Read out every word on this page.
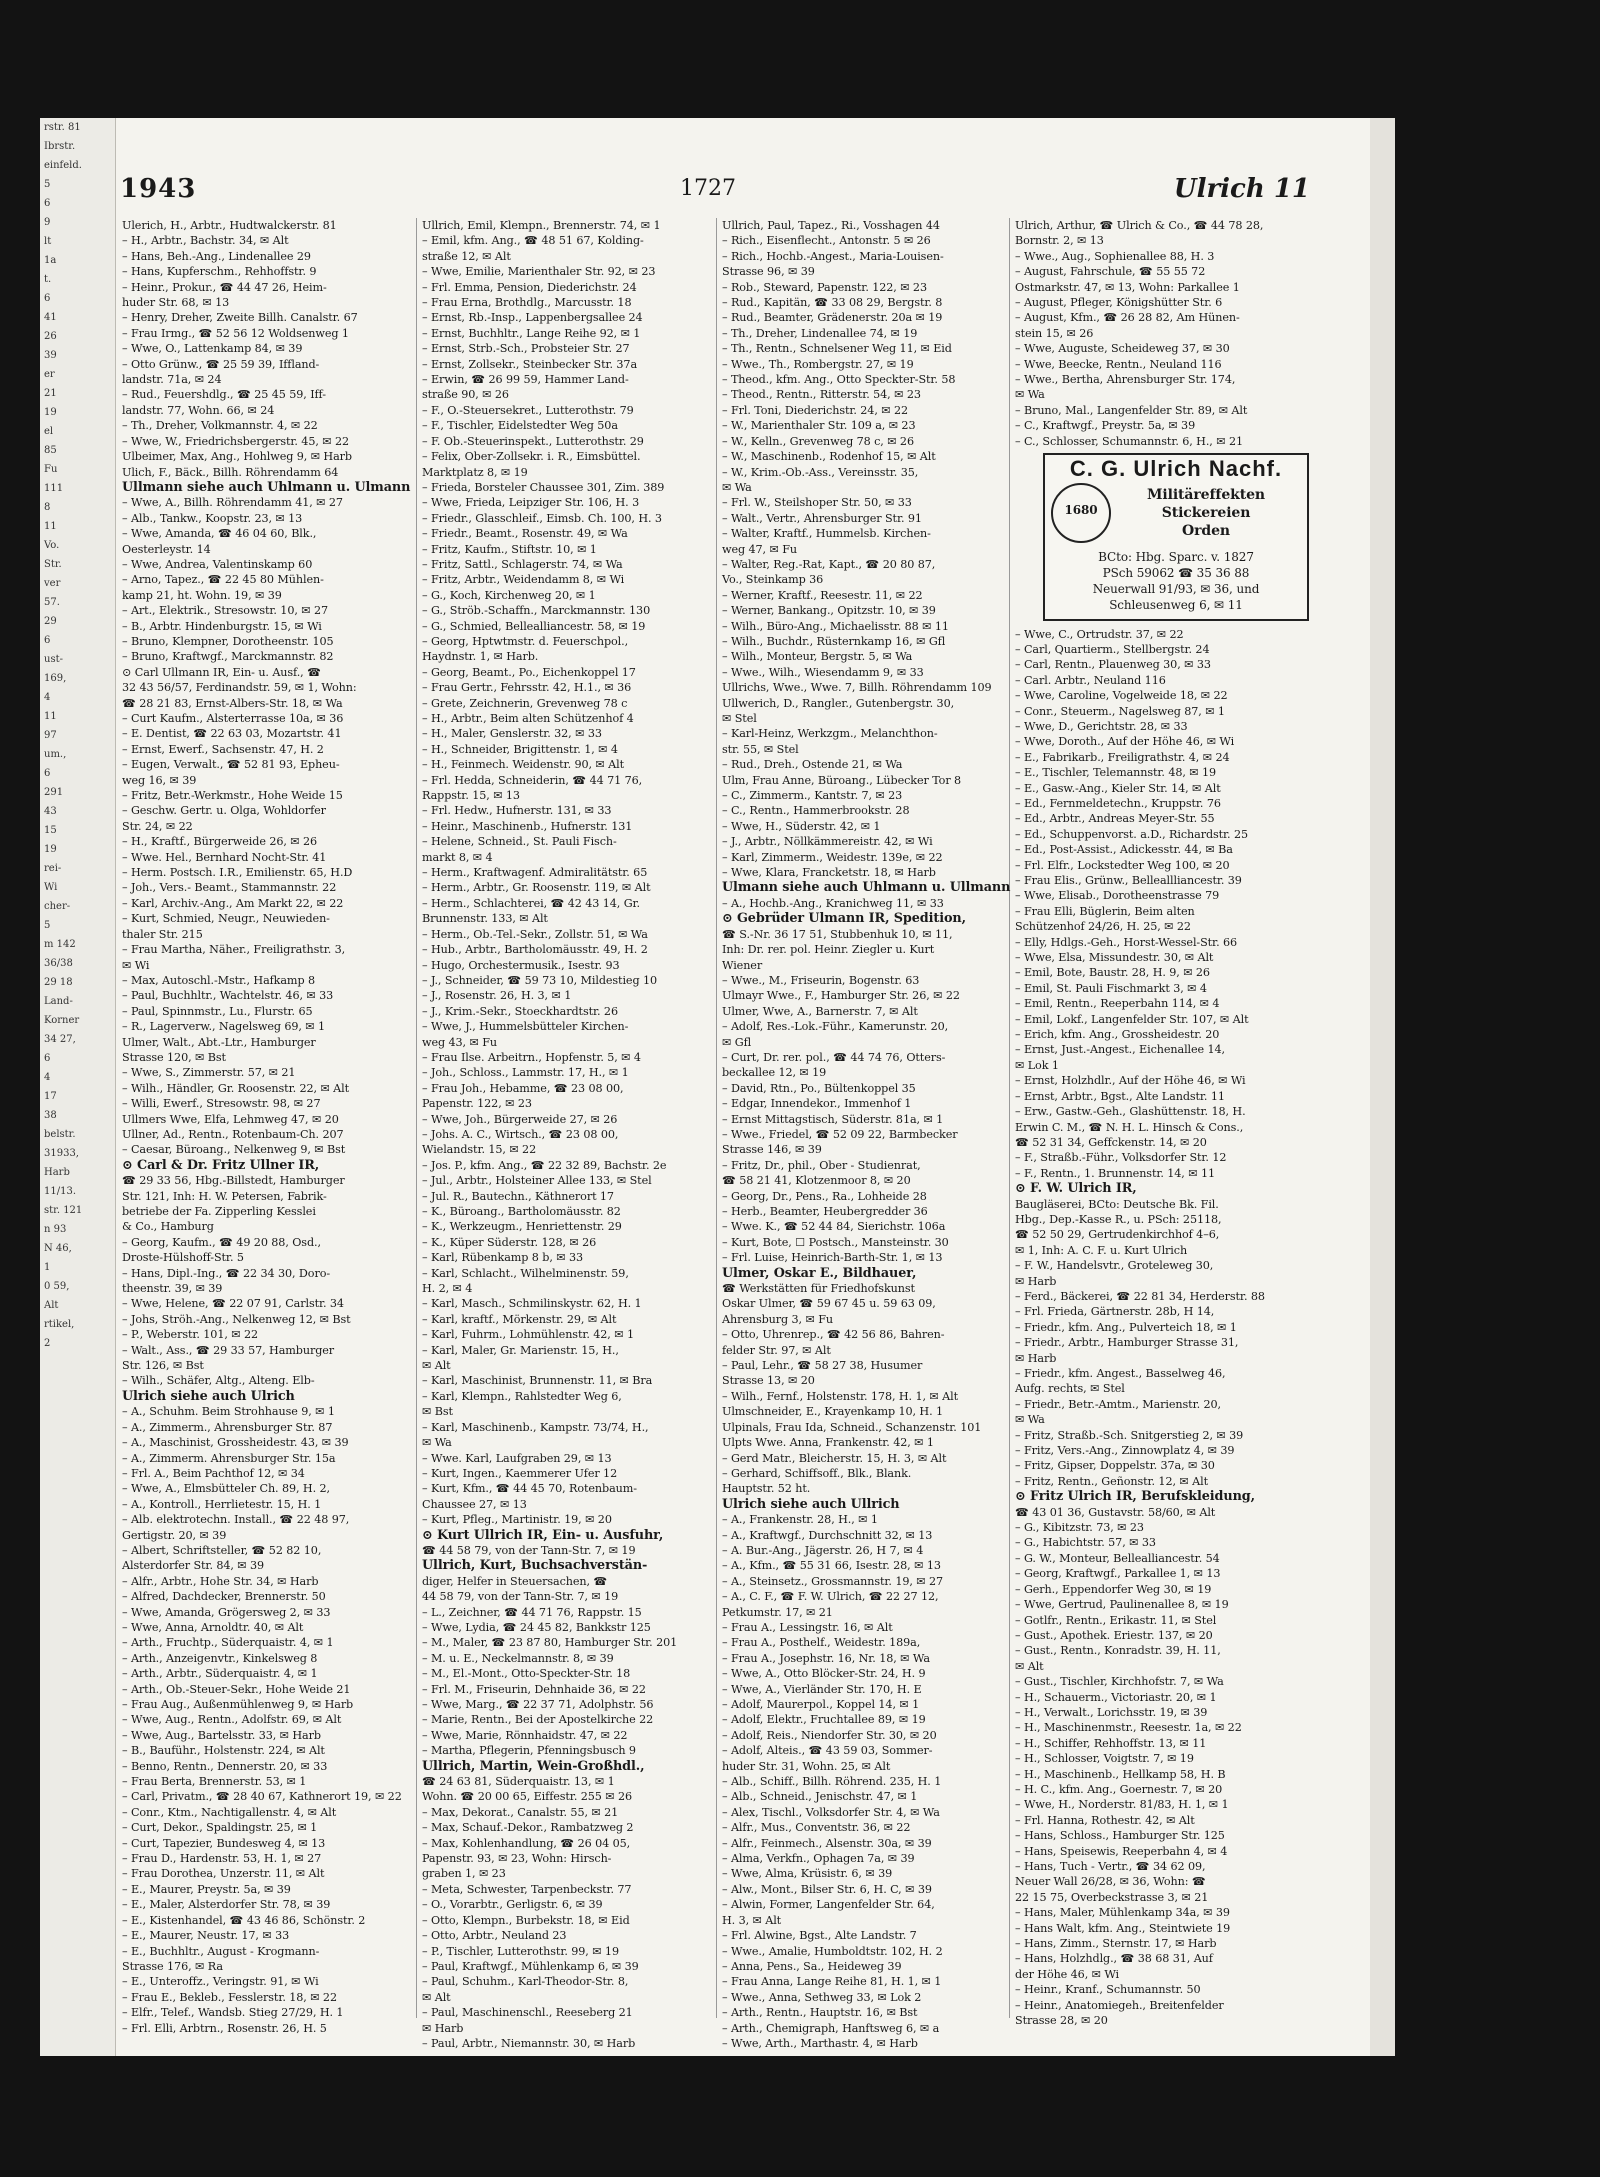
rstr. 81
Ibrstr.
einfeld.
5
6
9
lt
1a
t.
6
41
26
39
er
21
19
el
85
Fu
111
8
11
Vo.
Str.
ver
57.
29
6
ust-
169,
4
11
97
um.,
6
291
43
15
19
rei-
Wi
cher-
5
m 142
36/38
29 18
Land-
Korner
34 27,
6
4
17
38
belstr.
31933,
Harb
11/13.
str. 121
n 93
N 46,
1
0 59,
Alt
rtikel,
2
1943	1727	Ulrich 11
Ulerich, H., Arbtr., Hudtwalckerstr. 81
– H., Arbtr., Bachstr. 34, ✉ Alt
– Hans, Beh.-Ang., Lindenallee 29
– Hans, Kupferschm., Rehhoffstr. 9
– Heinr., Prokur., ☎ 44 47 26, Heim-
huder Str. 68, ✉ 13
– Henry, Dreher, Zweite Billh. Canalstr. 67
– Frau Irmg., ☎ 52 56 12 Woldsenweg 1
– Wwe, O., Lattenkamp 84, ✉ 39
– Otto Grünw., ☎ 25 59 39, Iffland-
landstr. 71a, ✉ 24
– Rud., Feuershdlg., ☎ 25 45 59, Iff-
landstr. 77, Wohn. 66, ✉ 24
– Th., Dreher, Volkmannstr. 4, ✉ 22
– Wwe, W., Friedrichsbergerstr. 45, ✉ 22
Ulbeimer, Max, Ang., Hohlweg 9, ✉ Harb
Ulich, F., Bäck., Billh. Röhrendamm 64
Ullmann siehe auch Uhlmann u. Ulmann
– Wwe, A., Billh. Röhrendamm 41, ✉ 27
– Alb., Tankw., Koopstr. 23, ✉ 13
– Wwe, Amanda, ☎ 46 04 60, Blk.,
Oesterleystr. 14
– Wwe, Andrea, Valentinskamp 60
– Arno, Tapez., ☎ 22 45 80 Mühlen-
kamp 21, ht. Wohn. 19, ✉ 39
– Art., Elektrik., Stresowstr. 10, ✉ 27
– B., Arbtr. Hindenburgstr. 15, ✉ Wi
– Bruno, Klempner, Dorotheenstr. 105
– Bruno, Kraftwgf., Marckmannstr. 82
⊙ Carl Ullmann IR, Ein- u. Ausf., ☎
32 43 56/57, Ferdinandstr. 59, ✉ 1, Wohn:
☎ 28 21 83, Ernst-Albers-Str. 18, ✉ Wa
– Curt Kaufm., Alsterterrasse 10a, ✉ 36
– E. Dentist, ☎ 22 63 03, Mozartstr. 41
– Ernst, Ewerf., Sachsenstr. 47, H. 2
– Eugen, Verwalt., ☎ 52 81 93, Epheu-
weg 16, ✉ 39
– Fritz, Betr.-Werkmstr., Hohe Weide 15
– Geschw. Gertr. u. Olga, Wohldorfer
Str. 24, ✉ 22
– H., Kraftf., Bürgerweide 26, ✉ 26
– Wwe. Hel., Bernhard Nocht-Str. 41
– Herm. Postsch. I.R., Emilienstr. 65, H.D
– Joh., Vers.- Beamt., Stammannstr. 22
– Karl, Archiv.-Ang., Am Markt 22, ✉ 22
– Kurt, Schmied, Neugr., Neuwieden-
thaler Str. 215
– Frau Martha, Näher., Freiligrathstr. 3,
✉ Wi
– Max, Autoschl.-Mstr., Hafkamp 8
– Paul, Buchhltr., Wachtelstr. 46, ✉ 33
– Paul, Spinnmstr., Lu., Flurstr. 65
– R., Lagerverw., Nagelsweg 69, ✉ 1
Ulmer, Walt., Abt.-Ltr., Hamburger
Strasse 120, ✉ Bst
– Wwe, S., Zimmerstr. 57, ✉ 21
– Wilh., Händler, Gr. Roosenstr. 22, ✉ Alt
– Willi, Ewerf., Stresowstr. 98, ✉ 27
Ullmers Wwe, Elfa, Lehmweg 47, ✉ 20
Ullner, Ad., Rentn., Rotenbaum-Ch. 207
– Caesar, Büroang., Nelkenweg 9, ✉ Bst
⊙ Carl & Dr. Fritz Ullner IR,
☎ 29 33 56, Hbg.-Billstedt, Hamburger
Str. 121, Inh: H. W. Petersen, Fabrik-
betriebe der Fa. Zipperling Kesslei
& Co., Hamburg
– Georg, Kaufm., ☎ 49 20 88, Osd.,
Droste-Hülshoff-Str. 5
– Hans, Dipl.-Ing., ☎ 22 34 30, Doro-
theenstr. 39, ✉ 39
– Wwe, Helene, ☎ 22 07 91, Carlstr. 34
– Johs, Ströh.-Ang., Nelkenweg 12, ✉ Bst
– P., Weberstr. 101, ✉ 22
– Walt., Ass., ☎ 29 33 57, Hamburger
Str. 126, ✉ Bst
– Wilh., Schäfer, Altg., Alteng. Elb-
Ulrich siehe auch Ulrich
– A., Schuhm. Beim Strohhause 9, ✉ 1
– A., Zimmerm., Ahrensburger Str. 87
– A., Maschinist, Grossheidestr. 43, ✉ 39
– A., Zimmerm. Ahrensburger Str. 15a
– Frl. A., Beim Pachthof 12, ✉ 34
– Wwe, A., Elmsbütteler Ch. 89, H. 2,
– A., Kontroll., Herrlietestr. 15, H. 1
– Alb. elektrotechn. Install., ☎ 22 48 97,
Gertigstr. 20, ✉ 39
– Albert, Schriftsteller, ☎ 52 82 10,
Alsterdorfer Str. 84, ✉ 39
– Alfr., Arbtr., Hohe Str. 34, ✉ Harb
– Alfred, Dachdecker, Brennerstr. 50
– Wwe, Amanda, Grögersweg 2, ✉ 33
– Wwe, Anna, Arnoldtr. 40, ✉ Alt
– Arth., Fruchtp., Süderquaistr. 4, ✉ 1
– Arth., Anzeigenvtr., Kinkelsweg 8
– Arth., Arbtr., Süderquaistr. 4, ✉ 1
– Arth., Ob.-Steuer-Sekr., Hohe Weide 21
– Frau Aug., Außenmühlenweg 9, ✉ Harb
– Wwe, Aug., Rentn., Adolfstr. 69, ✉ Alt
– Wwe, Aug., Bartelsstr. 33, ✉ Harb
– B., Bauführ., Holstenstr. 224, ✉ Alt
– Benno, Rentn., Dennerstr. 20, ✉ 33
– Frau Berta, Brennerstr. 53, ✉ 1
– Carl, Privatm., ☎ 28 40 67, Kathnerort 19, ✉ 22
– Conr., Ktm., Nachtigallenstr. 4, ✉ Alt
– Curt, Dekor., Spaldingstr. 25, ✉ 1
– Curt, Tapezier, Bundesweg 4, ✉ 13
– Frau D., Hardenstr. 53, H. 1, ✉ 27
– Frau Dorothea, Unzerstr. 11, ✉ Alt
– E., Maurer, Preystr. 5a, ✉ 39
– E., Maler, Alsterdorfer Str. 78, ✉ 39
– E., Kistenhandel, ☎ 43 46 86, Schönstr. 2
– E., Maurer, Neustr. 17, ✉ 33
– E., Buchhltr., August - Krogmann-
Strasse 176, ✉ Ra
– E., Unteroffz., Veringstr. 91, ✉ Wi
– Frau E., Bekleb., Fesslerstr. 18, ✉ 22
– Elfr., Telef., Wandsb. Stieg 27/29, H. 1
– Frl. Elli, Arbtrn., Rosenstr. 26, H. 5
Ullrich, Emil, Klempn., Brennerstr. 74, ✉ 1
– Emil, kfm. Ang., ☎ 48 51 67, Kolding-
straße 12, ✉ Alt
– Wwe, Emilie, Marienthaler Str. 92, ✉ 23
– Frl. Emma, Pension, Diederichstr. 24
– Frau Erna, Brothdlg., Marcusstr. 18
– Ernst, Rb.-Insp., Lappenbergsallee 24
– Ernst, Buchhltr., Lange Reihe 92, ✉ 1
– Ernst, Strb.-Sch., Probsteier Str. 27
– Ernst, Zollsekr., Steinbecker Str. 37a
– Erwin, ☎ 26 99 59, Hammer Land-
straße 90, ✉ 26
– F., O.-Steuersekret., Lutterothstr. 79
– F., Tischler, Eidelstedter Weg 50a
– F. Ob.-Steuerinspekt., Lutterothstr. 29
– Felix, Ober-Zollsekr. i. R., Eimsbüttel.
Marktplatz 8, ✉ 19
– Frieda, Borsteler Chaussee 301, Zim. 389
– Wwe, Frieda, Leipziger Str. 106, H. 3
– Friedr., Glasschleif., Eimsb. Ch. 100, H. 3
– Friedr., Beamt., Rosenstr. 49, ✉ Wa
– Fritz, Kaufm., Stiftstr. 10, ✉ 1
– Fritz, Sattl., Schlagerstr. 74, ✉ Wa
– Fritz, Arbtr., Weidendamm 8, ✉ Wi
– G., Koch, Kirchenweg 20, ✉ 1
– G., Ströb.-Schaffn., Marckmannstr. 130
– G., Schmied, Bellealliancestr. 58, ✉ 19
– Georg, Hptwtmstr. d. Feuerschpol.,
Haydnstr. 1, ✉ Harb.
– Georg, Beamt., Po., Eichenkoppel 17
– Frau Gertr., Fehrsstr. 42, H.1., ✉ 36
– Grete, Zeichnerin, Grevenweg 78 c
– H., Arbtr., Beim alten Schützenhof 4
– H., Maler, Genslerstr. 32, ✉ 33
– H., Schneider, Brigittenstr. 1, ✉ 4
– H., Feinmech. Weidenstr. 90, ✉ Alt
– Frl. Hedda, Schneiderin, ☎ 44 71 76,
Rappstr. 15, ✉ 13
– Frl. Hedw., Hufnerstr. 131, ✉ 33
– Heinr., Maschinenb., Hufnerstr. 131
– Helene, Schneid., St. Pauli Fisch-
markt 8, ✉ 4
– Herm., Kraftwagenf. Admiralitätstr. 65
– Herm., Arbtr., Gr. Roosenstr. 119, ✉ Alt
– Herm., Schlachterei, ☎ 42 43 14, Gr.
Brunnenstr. 133, ✉ Alt
– Herm., Ob.-Tel.-Sekr., Zollstr. 51, ✉ Wa
– Hub., Arbtr., Bartholomäusstr. 49, H. 2
– Hugo, Orchestermusik., Isestr. 93
– J., Schneider, ☎ 59 73 10, Mildestieg 10
– J., Rosenstr. 26, H. 3, ✉ 1
– J., Krim.-Sekr., Stoeckhardtstr. 26
– Wwe, J., Hummelsbütteler Kirchen-
weg 43, ✉ Fu
– Frau Ilse. Arbeitrn., Hopfenstr. 5, ✉ 4
– Joh., Schloss., Lammstr. 17, H., ✉ 1
– Frau Joh., Hebamme, ☎ 23 08 00,
Papenstr. 122, ✉ 23
– Wwe, Joh., Bürgerweide 27, ✉ 26
– Johs. A. C., Wirtsch., ☎ 23 08 00,
Wielandstr. 15, ✉ 22
– Jos. P., kfm. Ang., ☎ 22 32 89, Bachstr. 2e
– Jul., Arbtr., Holsteiner Allee 133, ✉ Stel
– Jul. R., Bautechn., Käthnerort 17
– K., Büroang., Bartholomäusstr. 82
– K., Werkzeugm., Henriettenstr. 29
– K., Küper Süderstr. 128, ✉ 26
– Karl, Rübenkamp 8 b, ✉ 33
– Karl, Schlacht., Wilhelminenstr. 59,
H. 2, ✉ 4
– Karl, Masch., Schmilinskystr. 62, H. 1
– Karl, kraftf., Mörkenstr. 29, ✉ Alt
– Karl, Fuhrm., Lohmühlenstr. 42, ✉ 1
– Karl, Maler, Gr. Marienstr. 15, H.,
✉ Alt
– Karl, Maschinist, Brunnenstr. 11, ✉ Bra
– Karl, Klempn., Rahlstedter Weg 6,
✉ Bst
– Karl, Maschinenb., Kampstr. 73/74, H.,
✉ Wa
– Wwe. Karl, Laufgraben 29, ✉ 13
– Kurt, Ingen., Kaemmerer Ufer 12
– Kurt, Kfm., ☎ 44 45 70, Rotenbaum-
Chaussee 27, ✉ 13
– Kurt, Pfleg., Martinistr. 19, ✉ 20
⊙ Kurt Ullrich IR, Ein- u. Ausfuhr,
☎ 44 58 79, von der Tann-Str. 7, ✉ 19
Ullrich, Kurt, Buchsachverstän-
diger, Helfer in Steuersachen, ☎
44 58 79, von der Tann-Str. 7, ✉ 19
– L., Zeichner, ☎ 44 71 76, Rappstr. 15
– Wwe, Lydia, ☎ 24 45 82, Bankkstr 125
– M., Maler, ☎ 23 87 80, Hamburger Str. 201
– M. u. E., Neckelmannstr. 8, ✉ 39
– M., El.-Mont., Otto-Speckter-Str. 18
– Frl. M., Friseurin, Dehnhaide 36, ✉ 22
– Wwe, Marg., ☎ 22 37 71, Adolphstr. 56
– Marie, Rentn., Bei der Apostelkirche 22
– Wwe, Marie, Rönnhaidstr. 47, ✉ 22
– Martha, Pflegerin, Pfenningsbusch 9
Ullrich, Martin, Wein-Großhdl.,
☎ 24 63 81, Süderquaistr. 13, ✉ 1
Wohn. ☎ 20 00 65, Eiffestr. 255 ✉ 26
– Max, Dekorat., Canalstr. 55, ✉ 21
– Max, Schauf.-Dekor., Rambatzweg 2
– Max, Kohlenhandlung, ☎ 26 04 05,
Papenstr. 93, ✉ 23, Wohn: Hirsch-
graben 1, ✉ 23
– Meta, Schwester, Tarpenbeckstr. 77
– O., Vorarbtr., Gerligstr. 6, ✉ 39
– Otto, Klempn., Burbekstr. 18, ✉ Eid
– Otto, Arbtr., Neuland 23
– P., Tischler, Lutterothstr. 99, ✉ 19
– Paul, Kraftwgf., Mühlenkamp 6, ✉ 39
– Paul, Schuhm., Karl-Theodor-Str. 8,
✉ Alt
– Paul, Maschinenschl., Reeseberg 21
✉ Harb
– Paul, Arbtr., Niemannstr. 30, ✉ Harb
Ullrich, Paul, Tapez., Ri., Vosshagen 44
– Rich., Eisenflecht., Antonstr. 5 ✉ 26
– Rich., Hochb.-Angest., Maria-Louisen-
Strasse 96, ✉ 39
– Rob., Steward, Papenstr. 122, ✉ 23
– Rud., Kapitän, ☎ 33 08 29, Bergstr. 8
– Rud., Beamter, Grädenerstr. 20a ✉ 19
– Th., Dreher, Lindenallee 74, ✉ 19
– Th., Rentn., Schnelsener Weg 11, ✉ Eid
– Wwe., Th., Rombergstr. 27, ✉ 19
– Theod., kfm. Ang., Otto Speckter-Str. 58
– Theod., Rentn., Ritterstr. 54, ✉ 23
– Frl. Toni, Diederichstr. 24, ✉ 22
– W., Marienthaler Str. 109 a, ✉ 23
– W., Kelln., Grevenweg 78 c, ✉ 26
– W., Maschinenb., Rodenhof 15, ✉ Alt
– W., Krim.-Ob.-Ass., Vereinsstr. 35,
✉ Wa
– Frl. W., Steilshoper Str. 50, ✉ 33
– Walt., Vertr., Ahrensburger Str. 91
– Walter, Kraftf., Hummelsb. Kirchen-
weg 47, ✉ Fu
– Walter, Reg.-Rat, Kapt., ☎ 20 80 87,
Vo., Steinkamp 36
– Werner, Kraftf., Reesestr. 11, ✉ 22
– Werner, Bankang., Opitzstr. 10, ✉ 39
– Wilh., Büro-Ang., Michaelisstr. 88 ✉ 11
– Wilh., Buchdr., Rüsternkamp 16, ✉ Gfl
– Wilh., Monteur, Bergstr. 5, ✉ Wa
– Wwe., Wilh., Wiesendamm 9, ✉ 33
Ullrichs, Wwe., Wwe. 7, Billh. Röhrendamm 109
Ullwerich, D., Rangler., Gutenbergstr. 30,
✉ Stel
– Karl-Heinz, Werkzgm., Melanchthon-
str. 55, ✉ Stel
– Rud., Dreh., Ostende 21, ✉ Wa
Ulm, Frau Anne, Büroang., Lübecker Tor 8
– C., Zimmerm., Kantstr. 7, ✉ 23
– C., Rentn., Hammerbrookstr. 28
– Wwe, H., Süderstr. 42, ✉ 1
– J., Arbtr., Nöllkämmereistr. 42, ✉ Wi
– Karl, Zimmerm., Weidestr. 139e, ✉ 22
– Wwe, Klara, Francketstr. 18, ✉ Harb
Ulmann siehe auch Uhlmann u. Ullmann
– A., Hochb.-Ang., Kranichweg 11, ✉ 33
⊙ Gebrüder Ulmann IR, Spedition,
☎ S.-Nr. 36 17 51, Stubbenhuk 10, ✉ 11,
Inh: Dr. rer. pol. Heinr. Ziegler u. Kurt
Wiener
– Wwe., M., Friseurin, Bogenstr. 63
Ulmayr Wwe., F., Hamburger Str. 26, ✉ 22
Ulmer, Wwe, A., Barnerstr. 7, ✉ Alt
– Adolf, Res.-Lok.-Führ., Kamerunstr. 20,
✉ Gfl
– Curt, Dr. rer. pol., ☎ 44 74 76, Otters-
beckallee 12, ✉ 19
– David, Rtn., Po., Bültenkoppel 35
– Edgar, Innendekor., Immenhof 1
– Ernst Mittagstisch, Süderstr. 81a, ✉ 1
– Wwe., Friedel, ☎ 52 09 22, Barmbecker
Strasse 146, ✉ 39
– Fritz, Dr., phil., Ober - Studienrat,
☎ 58 21 41, Klotzenmoor 8, ✉ 20
– Georg, Dr., Pens., Ra., Lohheide 28
– Herb., Beamter, Heubergredder 36
– Wwe. K., ☎ 52 44 84, Sierichstr. 106a
– Kurt, Bote, ☐ Postsch., Mansteinstr. 30
– Frl. Luise, Heinrich-Barth-Str. 1, ✉ 13
Ulmer, Oskar E., Bildhauer,
☎ Werkstätten für Friedhofskunst
Oskar Ulmer, ☎ 59 67 45 u. 59 63 09,
Ahrensburg 3, ✉ Fu
– Otto, Uhrenrep., ☎ 42 56 86, Bahren-
felder Str. 97, ✉ Alt
– Paul, Lehr., ☎ 58 27 38, Husumer
Strasse 13, ✉ 20
– Wilh., Fernf., Holstenstr. 178, H. 1, ✉ Alt
Ulmschneider, E., Krayenkamp 10, H. 1
Ulpinals, Frau Ida, Schneid., Schanzenstr. 101
Ulpts Wwe. Anna, Frankenstr. 42, ✉ 1
– Gerd Matr., Bleicherstr. 15, H. 3, ✉ Alt
– Gerhard, Schiffsoff., Blk., Blank.
Hauptstr. 52 ht.
Ulrich siehe auch Ullrich
– A., Frankenstr. 28, H., ✉ 1
– A., Kraftwgf., Durchschnitt 32, ✉ 13
– A. Bur.-Ang., Jägerstr. 26, H 7, ✉ 4
– A., Kfm., ☎ 55 31 66, Isestr. 28, ✉ 13
– A., Steinsetz., Grossmannstr. 19, ✉ 27
– A., C. F., ☎ F. W. Ulrich, ☎ 22 27 12,
Petkumstr. 17, ✉ 21
– Frau A., Lessingstr. 16, ✉ Alt
– Frau A., Posthelf., Weidestr. 189a,
– Frau A., Josephstr. 16, Nr. 18, ✉ Wa
– Wwe, A., Otto Blöcker-Str. 24, H. 9
– Wwe, A., Vierländer Str. 170, H. E
– Adolf, Maurerpol., Koppel 14, ✉ 1
– Adolf, Elektr., Fruchtallee 89, ✉ 19
– Adolf, Reis., Niendorfer Str. 30, ✉ 20
– Adolf, Alteis., ☎ 43 59 03, Sommer-
huder Str. 31, Wohn. 25, ✉ Alt
– Alb., Schiff., Billh. Röhrend. 235, H. 1
– Alb., Schneid., Jenischstr. 47, ✉ 1
– Alex, Tischl., Volksdorfer Str. 4, ✉ Wa
– Alfr., Mus., Conventstr. 36, ✉ 22
– Alfr., Feinmech., Alsenstr. 30a, ✉ 39
– Alma, Verkfn., Ophagen 7a, ✉ 39
– Wwe, Alma, Krüsistr. 6, ✉ 39
– Alw., Mont., Bilser Str. 6, H. C, ✉ 39
– Alwin, Former, Langenfelder Str. 64,
H. 3, ✉ Alt
– Frl. Alwine, Bgst., Alte Landstr. 7
– Wwe., Amalie, Humboldtstr. 102, H. 2
– Anna, Pens., Sa., Heideweg 39
– Frau Anna, Lange Reihe 81, H. 1, ✉ 1
– Wwe., Anna, Sethweg 33, ✉ Lok 2
– Arth., Rentn., Hauptstr. 16, ✉ Bst
– Arth., Chemigraph, Hanftsweg 6, ✉ a
– Wwe, Arth., Marthastr. 4, ✉ Harb
Ulrich, Arthur, ☎ Ulrich & Co., ☎ 44 78 28,
Bornstr. 2, ✉ 13
– Wwe., Aug., Sophienallee 88, H. 3
– August, Fahrschule, ☎ 55 55 72
Ostmarkstr. 47, ✉ 13, Wohn: Parkallee 1
– August, Pfleger, Königshütter Str. 6
– August, Kfm., ☎ 26 28 82, Am Hünen-
stein 15, ✉ 26
– Wwe, Auguste, Scheideweg 37, ✉ 30
– Wwe, Beecke, Rentn., Neuland 116
– Wwe., Bertha, Ahrensburger Str. 174,
✉ Wa
– Bruno, Mal., Langenfelder Str. 89, ✉ Alt
– C., Kraftwgf., Preystr. 5a, ✉ 39
– C., Schlosser, Schumannstr. 6, H., ✉ 21
C. G. Ulrich Nachf.
1680
Militäreffekten
Stickereien
Orden
BCto: Hbg. Sparc. v. 1827
PSch 59062 ☎ 35 36 88
Neuerwall 91/93, ✉ 36, und
Schleusenweg 6, ✉ 11
– Wwe, C., Ortrudstr. 37, ✉ 22
– Carl, Quartierm., Stellbergstr. 24
– Carl, Rentn., Plauenweg 30, ✉ 33
– Carl. Arbtr., Neuland 116
– Wwe, Caroline, Vogelweide 18, ✉ 22
– Conr., Steuerm., Nagelsweg 87, ✉ 1
– Wwe, D., Gerichtstr. 28, ✉ 33
– Wwe, Doroth., Auf der Höhe 46, ✉ Wi
– E., Fabrikarb., Freiligrathstr. 4, ✉ 24
– E., Tischler, Telemannstr. 48, ✉ 19
– E., Gasw.-Ang., Kieler Str. 14, ✉ Alt
– Ed., Fernmeldetechn., Kruppstr. 76
– Ed., Arbtr., Andreas Meyer-Str. 55
– Ed., Schuppenvorst. a.D., Richardstr. 25
– Ed., Post-Assist., Adickesstr. 44, ✉ Ba
– Frl. Elfr., Lockstedter Weg 100, ✉ 20
– Frau Elis., Grünw., Belleallliancestr. 39
– Wwe, Elisab., Dorotheenstrasse 79
– Frau Elli, Büglerin, Beim alten
Schützenhof 24/26, H. 25, ✉ 22
– Elly, Hdlgs.-Geh., Horst-Wessel-Str. 66
– Wwe, Elsa, Missundestr. 30, ✉ Alt
– Emil, Bote, Baustr. 28, H. 9, ✉ 26
– Emil, St. Pauli Fischmarkt 3, ✉ 4
– Emil, Rentn., Reeperbahn 114, ✉ 4
– Emil, Lokf., Langenfelder Str. 107, ✉ Alt
– Erich, kfm. Ang., Grossheidestr. 20
– Ernst, Just.-Angest., Eichenallee 14,
✉ Lok 1
– Ernst, Holzhdlr., Auf der Höhe 46, ✉ Wi
– Ernst, Arbtr., Bgst., Alte Landstr. 11
– Erw., Gastw.-Geh., Glashüttenstr. 18, H.
Erwin C. M., ☎ N. H. L. Hinsch & Cons.,
☎ 52 31 34, Geffckenstr. 14, ✉ 20
– F., Straßb.-Führ., Volksdorfer Str. 12
– F., Rentn., 1. Brunnenstr. 14, ✉ 11
⊙ F. W. Ulrich IR,
Baugläserei, BCto: Deutsche Bk. Fil.
Hbg., Dep.-Kasse R., u. PSch: 25118,
☎ 52 50 29, Gertrudenkirchhof 4–6,
✉ 1, Inh: A. C. F. u. Kurt Ulrich
– F. W., Handelsvtr., Groteleweg 30,
✉ Harb
– Ferd., Bäckerei, ☎ 22 81 34, Herderstr. 88
– Frl. Frieda, Gärtnerstr. 28b, H 14,
– Friedr., kfm. Ang., Pulverteich 18, ✉ 1
– Friedr., Arbtr., Hamburger Strasse 31,
✉ Harb
– Friedr., kfm. Angest., Basselweg 46,
Aufg. rechts, ✉ Stel
– Friedr., Betr.-Amtm., Marienstr. 20,
✉ Wa
– Fritz, Straßb.-Sch. Snitgerstieg 2, ✉ 39
– Fritz, Vers.-Ang., Zinnowplatz 4, ✉ 39
– Fritz, Gipser, Doppelstr. 37a, ✉ 30
– Fritz, Rentn., Geñonstr. 12, ✉ Alt
⊙ Fritz Ulrich IR, Berufskleidung,
☎ 43 01 36, Gustavstr. 58/60, ✉ Alt
– G., Kibitzstr. 73, ✉ 23
– G., Habichtstr. 57, ✉ 33
– G. W., Monteur, Bellealliancestr. 54
– Georg, Kraftwgf., Parkallee 1, ✉ 13
– Gerh., Eppendorfer Weg 30, ✉ 19
– Wwe, Gertrud, Paulinenallee 8, ✉ 19
– Gotlfr., Rentn., Erikastr. 11, ✉ Stel
– Gust., Apothek. Eriestr. 137, ✉ 20
– Gust., Rentn., Konradstr. 39, H. 11,
✉ Alt
– Gust., Tischler, Kirchhofstr. 7, ✉ Wa
– H., Schauerm., Victoriastr. 20, ✉ 1
– H., Verwalt., Lorichsstr. 19, ✉ 39
– H., Maschinenmstr., Reesestr. 1a, ✉ 22
– H., Schiffer, Rehhoffstr. 13, ✉ 11
– H., Schlosser, Voigtstr. 7, ✉ 19
– H., Maschinenb., Hellkamp 58, H. B
– H. C., kfm. Ang., Goernestr. 7, ✉ 20
– Wwe, H., Norderstr. 81/83, H. 1, ✉ 1
– Frl. Hanna, Rothestr. 42, ✉ Alt
– Hans, Schloss., Hamburger Str. 125
– Hans, Speisewis, Reeperbahn 4, ✉ 4
– Hans, Tuch - Vertr., ☎ 34 62 09,
Neuer Wall 26/28, ✉ 36, Wohn: ☎
22 15 75, Overbeckstrasse 3, ✉ 21
– Hans, Maler, Mühlenkamp 34a, ✉ 39
– Hans Walt, kfm. Ang., Steintwiete 19
– Hans, Zimm., Sternstr. 17, ✉ Harb
– Hans, Holzhdlg., ☎ 38 68 31, Auf
der Höhe 46, ✉ Wi
– Heinr., Kranf., Schumannstr. 50
– Heinr., Anatomiegeh., Breitenfelder
Strasse 28, ✉ 20
